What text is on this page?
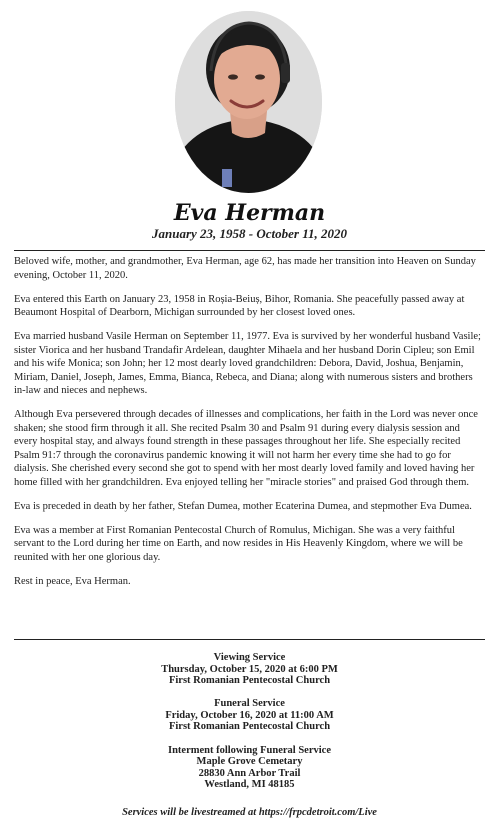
Eva Herman
January 23, 1958 - October 11, 2020

Beloved wife, mother, and grandmother, Eva Herman, age 62, has made her transition into Heaven on Sunday evening, October 11, 2020.

Eva entered this Earth on January 23, 1958 in Roșia-Beiuș, Bihor, Romania. She peacefully passed away at Beaumont Hospital of Dearborn, Michigan surrounded by her closest loved ones.

Eva married husband Vasile Herman on September 11, 1977. Eva is survived by her wonderful husband Vasile; sister Viorica and her husband Trandafir Ardelean, daughter Mihaela and her husband Dorin Cipleu; son Emil and his wife Monica; son John; her 12 most dearly loved grandchildren: Debora, David, Joshua, Benjamin, Miriam, Daniel, Joseph, James, Emma, Bianca, Rebeca, and Diana; along with numerous sisters and brothers in-law and nieces and nephews.

Although Eva persevered through decades of illnesses and complications, her faith in the Lord was never once shaken; she stood firm through it all. She recited Psalm 30 and Psalm 91 during every dialysis session and every hospital stay, and always found strength in these passages throughout her life. She especially recited Psalm 91:7 through the coronavirus pandemic knowing it will not harm her every time she had to go for dialysis. She cherished every second she got to spend with her most dearly loved family and loved having her home filled with her grandchildren. Eva enjoyed telling her "miracle stories" and praised God through them.

Eva is preceded in death by her father, Stefan Dumea, mother Ecaterina Dumea, and stepmother Eva Dumea.

Eva was a member at First Romanian Pentecostal Church of Romulus, Michigan. She was a very faithful servant to the Lord during her time on Earth, and now resides in His Heavenly Kingdom, where we will be reunited with her one glorious day.

Rest in peace, Eva Herman.

Viewing Service
Thursday, October 15, 2020 at 6:00 PM
First Romanian Pentecostal Church
Funeral Service
Friday, October 16, 2020 at 11:00 AM
First Romanian Pentecostal Church
Interment following Funeral Service
Maple Grove Cemetary
28830 Ann Arbor Trail
Westland, MI 48185
Services will be livestreamed at https://frpcdetroit.com/Live
